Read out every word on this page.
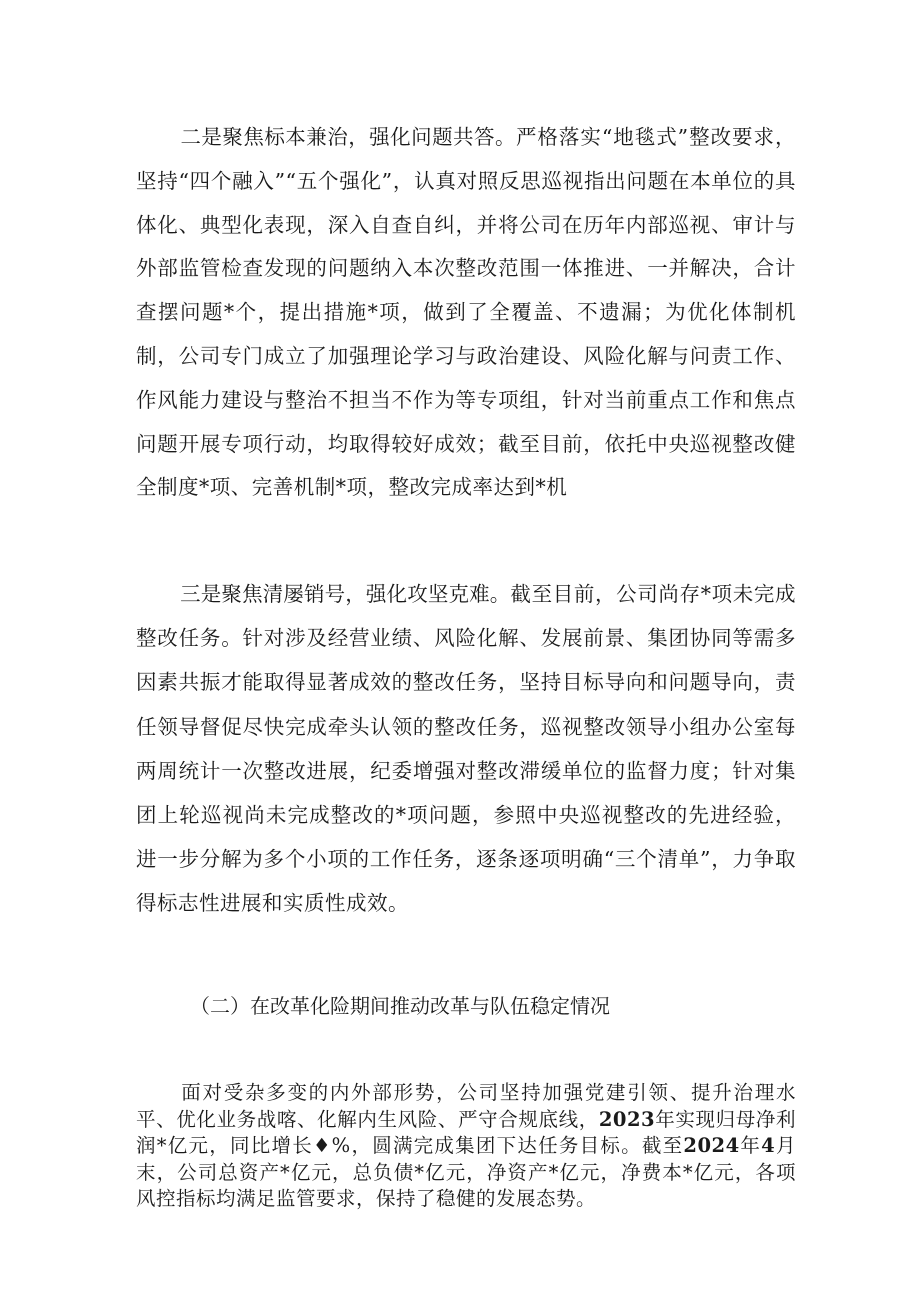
二是聚焦标本兼治，强化问题共答。严格落实“地毯式”整改要求，坚持“四个融入”“五个强化”，认真对照反思巡视指出问题在本单位的具体化、典型化表现，深入自查自纠，并将公司在历年内部巡视、审计与外部监管检查发现的问题纳入本次整改范围一体推进、一并解决，合计查摆问题*个，提出措施*项，做到了全覆盖、不遗漏；为优化体制机制，公司专门成立了加强理论学习与政治建设、风险化解与问责工作、作风能力建设与整治不担当不作为等专项组，针对当前重点工作和焦点问题开展专项行动，均取得较好成效；截至目前，依托中央巡视整改健全制度*项、完善机制*项，整改完成率达到*机
三是聚焦清屡销号，强化攻坚克难。截至目前，公司尚存*项未完成整改任务。针对涉及经营业绩、风险化解、发展前景、集团协同等需多因素共振才能取得显著成效的整改任务，坚持目标导向和问题导向，责任领导督促尽快完成牵头认领的整改任务，巡视整改领导小组办公室每两周统计一次整改进展，纪委增强对整改滞缓单位的监督力度；针对集团上轮巡视尚未完成整改的*项问题，参照中央巡视整改的先进经验，进一步分解为多个小项的工作任务，逐条逐项明确“三个清单”，力争取得标志性进展和实质性成效。
（二）在改革化险期间推动改革与队伍稳定情况
面对受杂多变的内外部形势，公司坚持加强党建引领、提升治理水平、优化业务战喀、化解内生风险、严守合规底线，2023年实现归母净利润*亿元，同比增长♦%，圆满完成集团下达任务目标。截至2024年4月末，公司总资产*亿元，总负债*亿元，净资产*亿元，净费本*亿元，各项风控指标均满足监管要求，保持了稳健的发展态势。
